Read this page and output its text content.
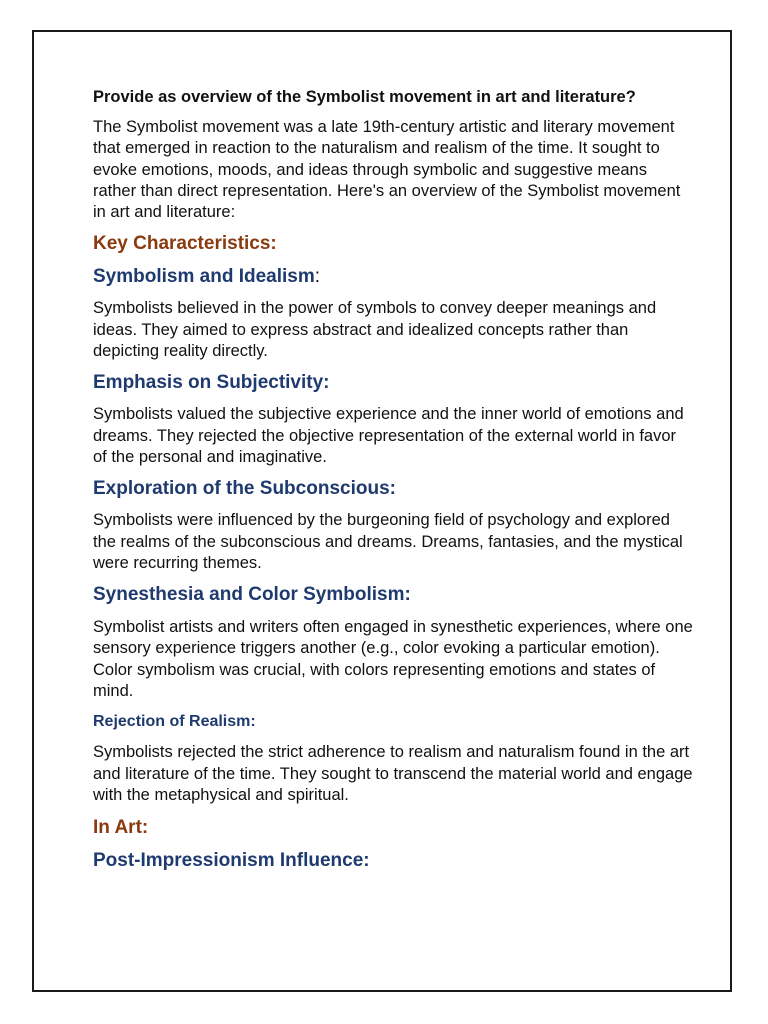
Provide as overview of the Symbolist movement in art and literature?

The Symbolist movement was a late 19th-century artistic and literary movement that emerged in reaction to the naturalism and realism of the time. It sought to evoke emotions, moods, and ideas through symbolic and suggestive means rather than direct representation. Here's an overview of the Symbolist movement in art and literature:

Key Characteristics:

Symbolism and Idealism:

Symbolists believed in the power of symbols to convey deeper meanings and ideas. They aimed to express abstract and idealized concepts rather than depicting reality directly.

Emphasis on Subjectivity:

Symbolists valued the subjective experience and the inner world of emotions and dreams. They rejected the objective representation of the external world in favor of the personal and imaginative.

Exploration of the Subconscious:

Symbolists were influenced by the burgeoning field of psychology and explored the realms of the subconscious and dreams. Dreams, fantasies, and the mystical were recurring themes.

Synesthesia and Color Symbolism:

Symbolist artists and writers often engaged in synesthetic experiences, where one sensory experience triggers another (e.g., color evoking a particular emotion). Color symbolism was crucial, with colors representing emotions and states of mind.

Rejection of Realism:

Symbolists rejected the strict adherence to realism and naturalism found in the art and literature of the time. They sought to transcend the material world and engage with the metaphysical and spiritual.

In Art:

Post-Impressionism Influence:
